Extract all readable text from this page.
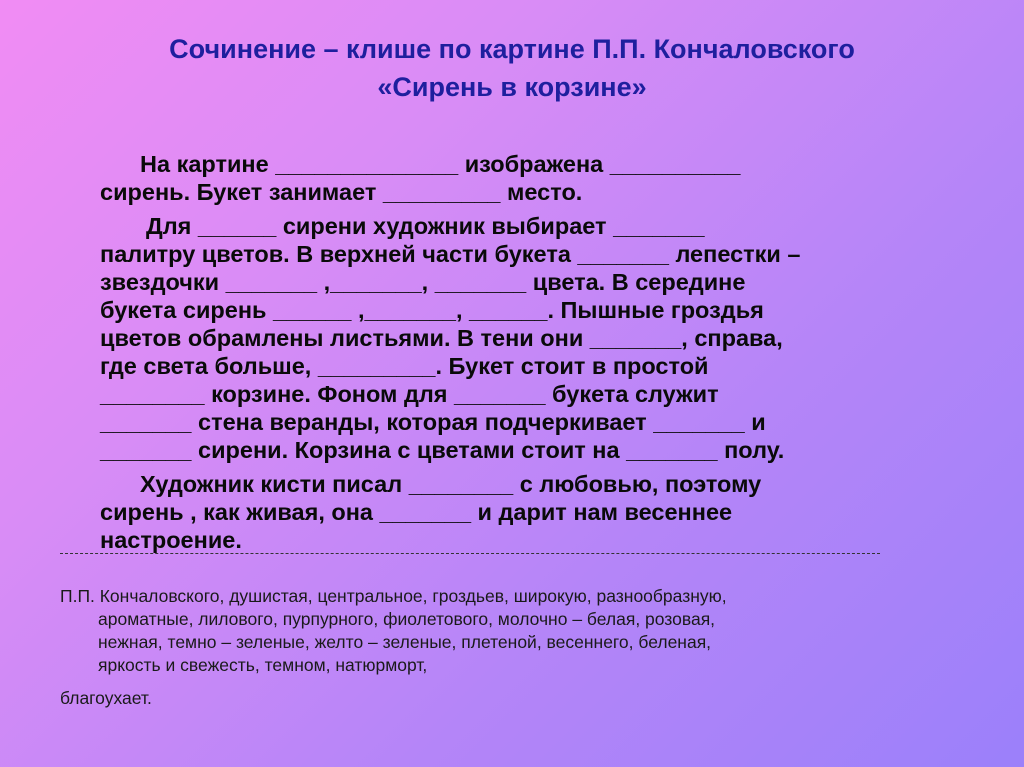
Сочинение – клише по картине П.П. Кончаловского
«Сирень в корзине»
На картине ______________ изображена __________
сирень. Букет занимает _________ место.
Для ______ сирени художник выбирает _______
палитру цветов. В верхней части букета _______ лепестки –
звездочки _______ ,_______, _______ цвета. В середине
букета сирень ______ ,_______, ______. Пышные гроздья
цветов обрамлены листьями. В тени они _______, справа,
где света больше, _________. Букет стоит в простой
________ корзине. Фоном для _______ букета служит
_______ стена веранды, которая подчеркивает _______ и
_______ сирени. Корзина с цветами стоит на _______ полу.
Художник кисти писал ________ с любовью, поэтому
сирень , как живая, она _______ и дарит нам весеннее
настроение.
П.П. Кончаловского, душистая, центральное, гроздьев, широкую, разнообразную,
ароматные, лилового, пурпурного, фиолетового, молочно – белая, розовая,
нежная, темно – зеленые, желто – зеленые, плетеной, весеннего, беленая,
яркость и свежесть, темном, натюрморт,
благоухает.
